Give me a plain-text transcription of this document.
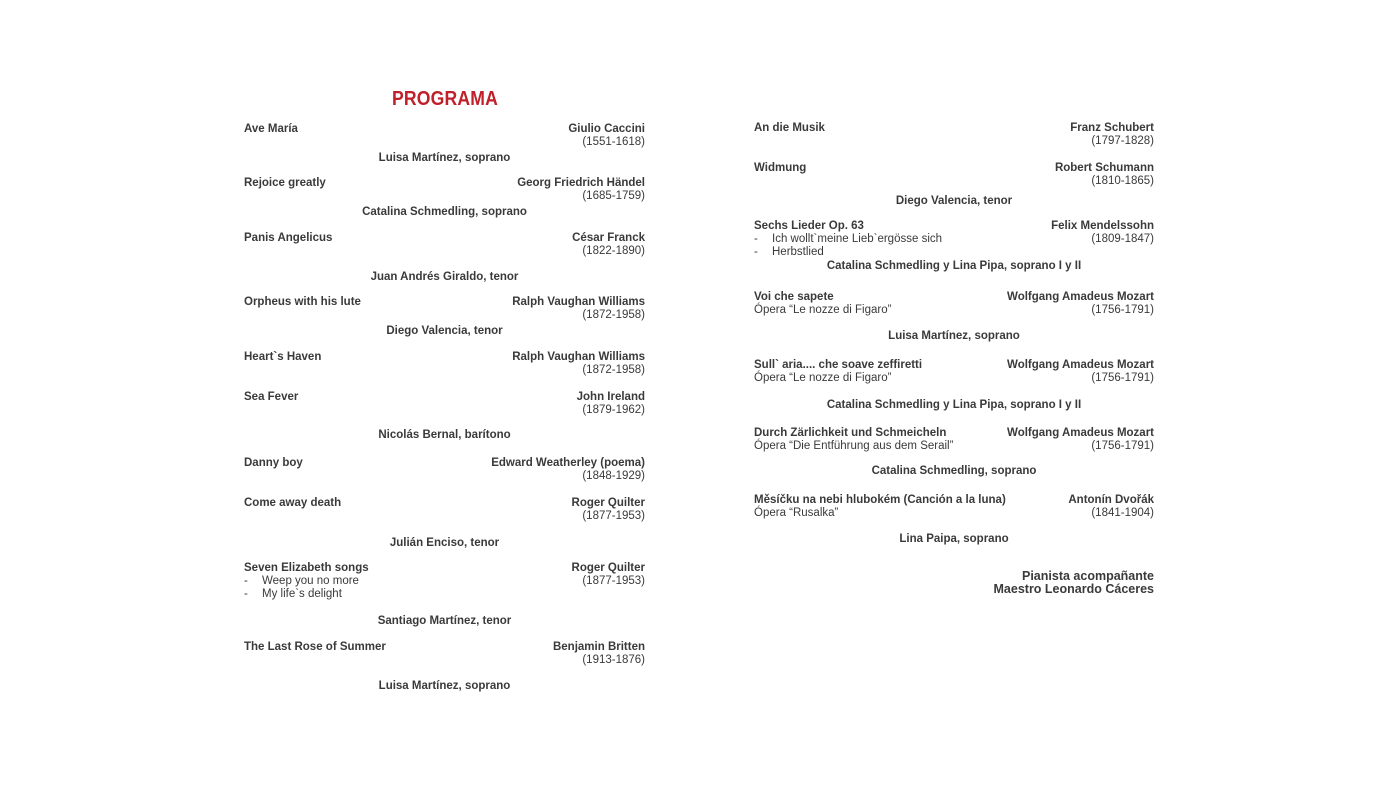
PROGRAMA
Ave María	Giulio Caccini
(1551-1618)
Luisa Martínez, soprano
Rejoice greatly	Georg Friedrich Händel
(1685-1759)
Catalina Schmedling, soprano
Panis Angelicus	César Franck
(1822-1890)
Juan Andrés Giraldo, tenor
Orpheus with his lute	Ralph Vaughan Williams
(1872-1958)
Diego Valencia, tenor
Heart`s Haven	Ralph Vaughan Williams
(1872-1958)
Sea Fever	John Ireland
(1879-1962)
Nicolás Bernal, barítono
Danny boy	Edward Weatherley (poema)
(1848-1929)
Come away death	Roger Quilter
(1877-1953)
Julián Enciso, tenor
Seven Elizabeth songs	Roger Quilter
- Weep you no more	(1877-1953)
- My life`s delight
Santiago Martínez, tenor
The Last Rose of Summer	Benjamin Britten
(1913-1876)
Luisa Martínez, soprano
An die Musik	Franz Schubert
(1797-1828)
Widmung	Robert Schumann
(1810-1865)
Diego Valencia, tenor
Sechs Lieder Op. 63	Felix Mendelssohn
- Ich wollt`meine Lieb`ergösse sich	(1809-1847)
- Herbstlied
Catalina Schmedling y Lina Pipa, soprano I y II
Voi che sapete	Wolfgang Amadeus Mozart
Ópera “Le nozze di Figaro”	(1756-1791)
Luisa Martínez, soprano
Sull` aria.... che soave zeffiretti	Wolfgang Amadeus Mozart
Ópera “Le nozze di Figaro”	(1756-1791)
Catalina Schmedling y Lina Pipa, soprano I y II
Durch Zärlichkeit und Schmeicheln	Wolfgang Amadeus Mozart
Ópera “Die Entführung aus dem Serail”	(1756-1791)
Catalina Schmedling, soprano
Měsíčku na nebi hlubokém (Canción a la luna)	Antonín Dvořák
Ópera “Rusalka”	(1841-1904)
Lina Paipa, soprano
Pianista acompañante
Maestro Leonardo Cáceres
